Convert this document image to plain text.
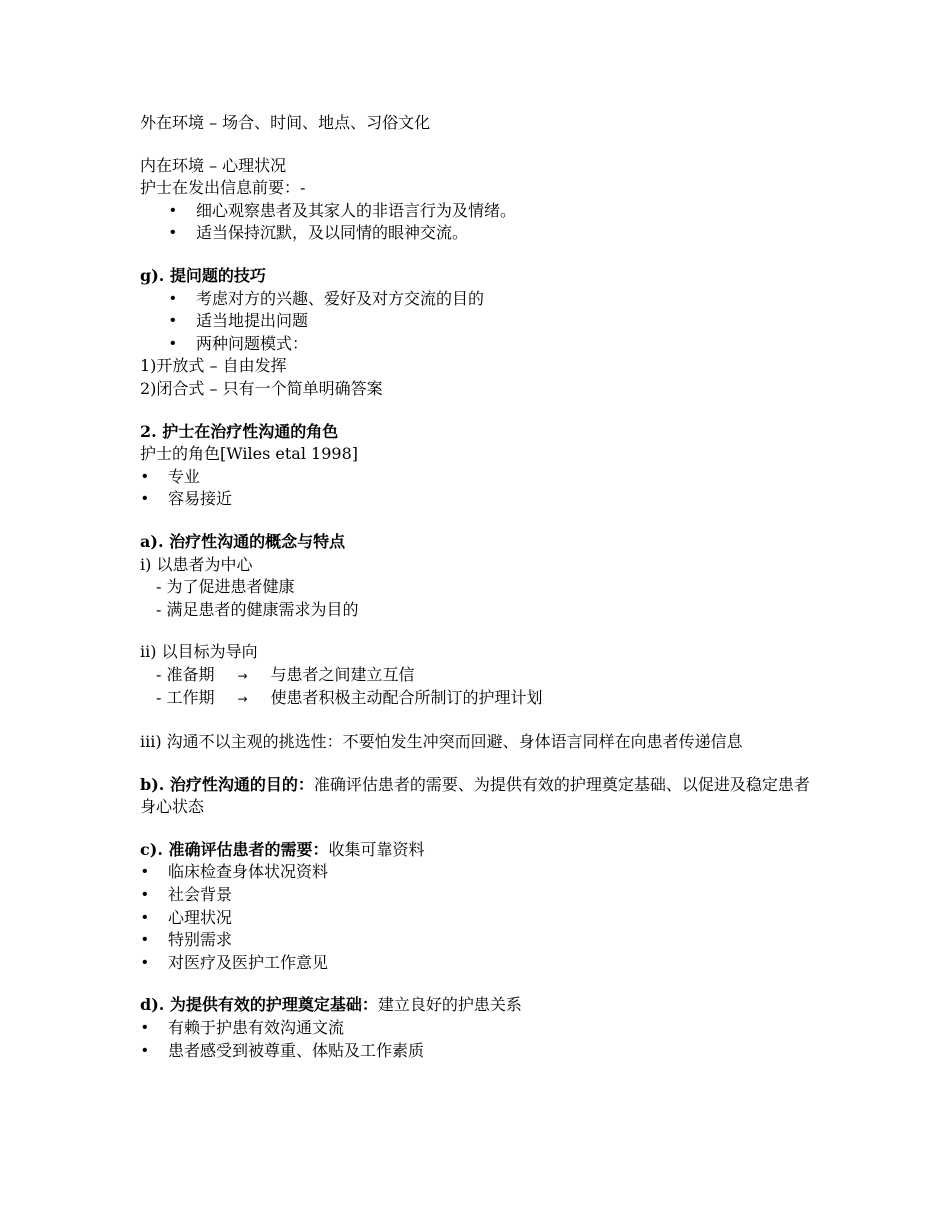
外在环境 – 场合、时间、地点、习俗文化
内在环境 – 心理状况
护士在发出信息前要：-
• 细心观察患者及其家人的非语言行为及情绪。
• 适当保持沉默，及以同情的眼神交流。
g). 提问题的技巧
• 考虑对方的兴趣、爱好及对方交流的目的
• 适当地提出问题
• 两种问题模式：
1)开放式 – 自由发挥
2)闭合式 – 只有一个简单明确答案
2. 护士在治疗性沟通的角色
护士的角色[Wiles etal 1998]
• 专业
• 容易接近
a). 治疗性沟通的概念与特点
i) 以患者为中心
- 为了促进患者健康
- 满足患者的健康需求为目的
ii) 以目标为导向
- 准备期 → 与患者之间建立互信
- 工作期 → 使患者积极主动配合所制订的护理计划
iii) 沟通不以主观的挑选性：不要怕发生冲突而回避、身体语言同样在向患者传递信息
b). 治疗性沟通的目的：准确评估患者的需要、为提供有效的护理奠定基础、以促进及稳定患者身心状态
c). 准确评估患者的需要：收集可靠资料
• 临床检查身体状况资料
• 社会背景
• 心理状况
• 特别需求
• 对医疗及医护工作意见
d). 为提供有效的护理奠定基础：建立良好的护患关系
• 有赖于护患有效沟通文流
• 患者感受到被尊重、体贴及工作素质
